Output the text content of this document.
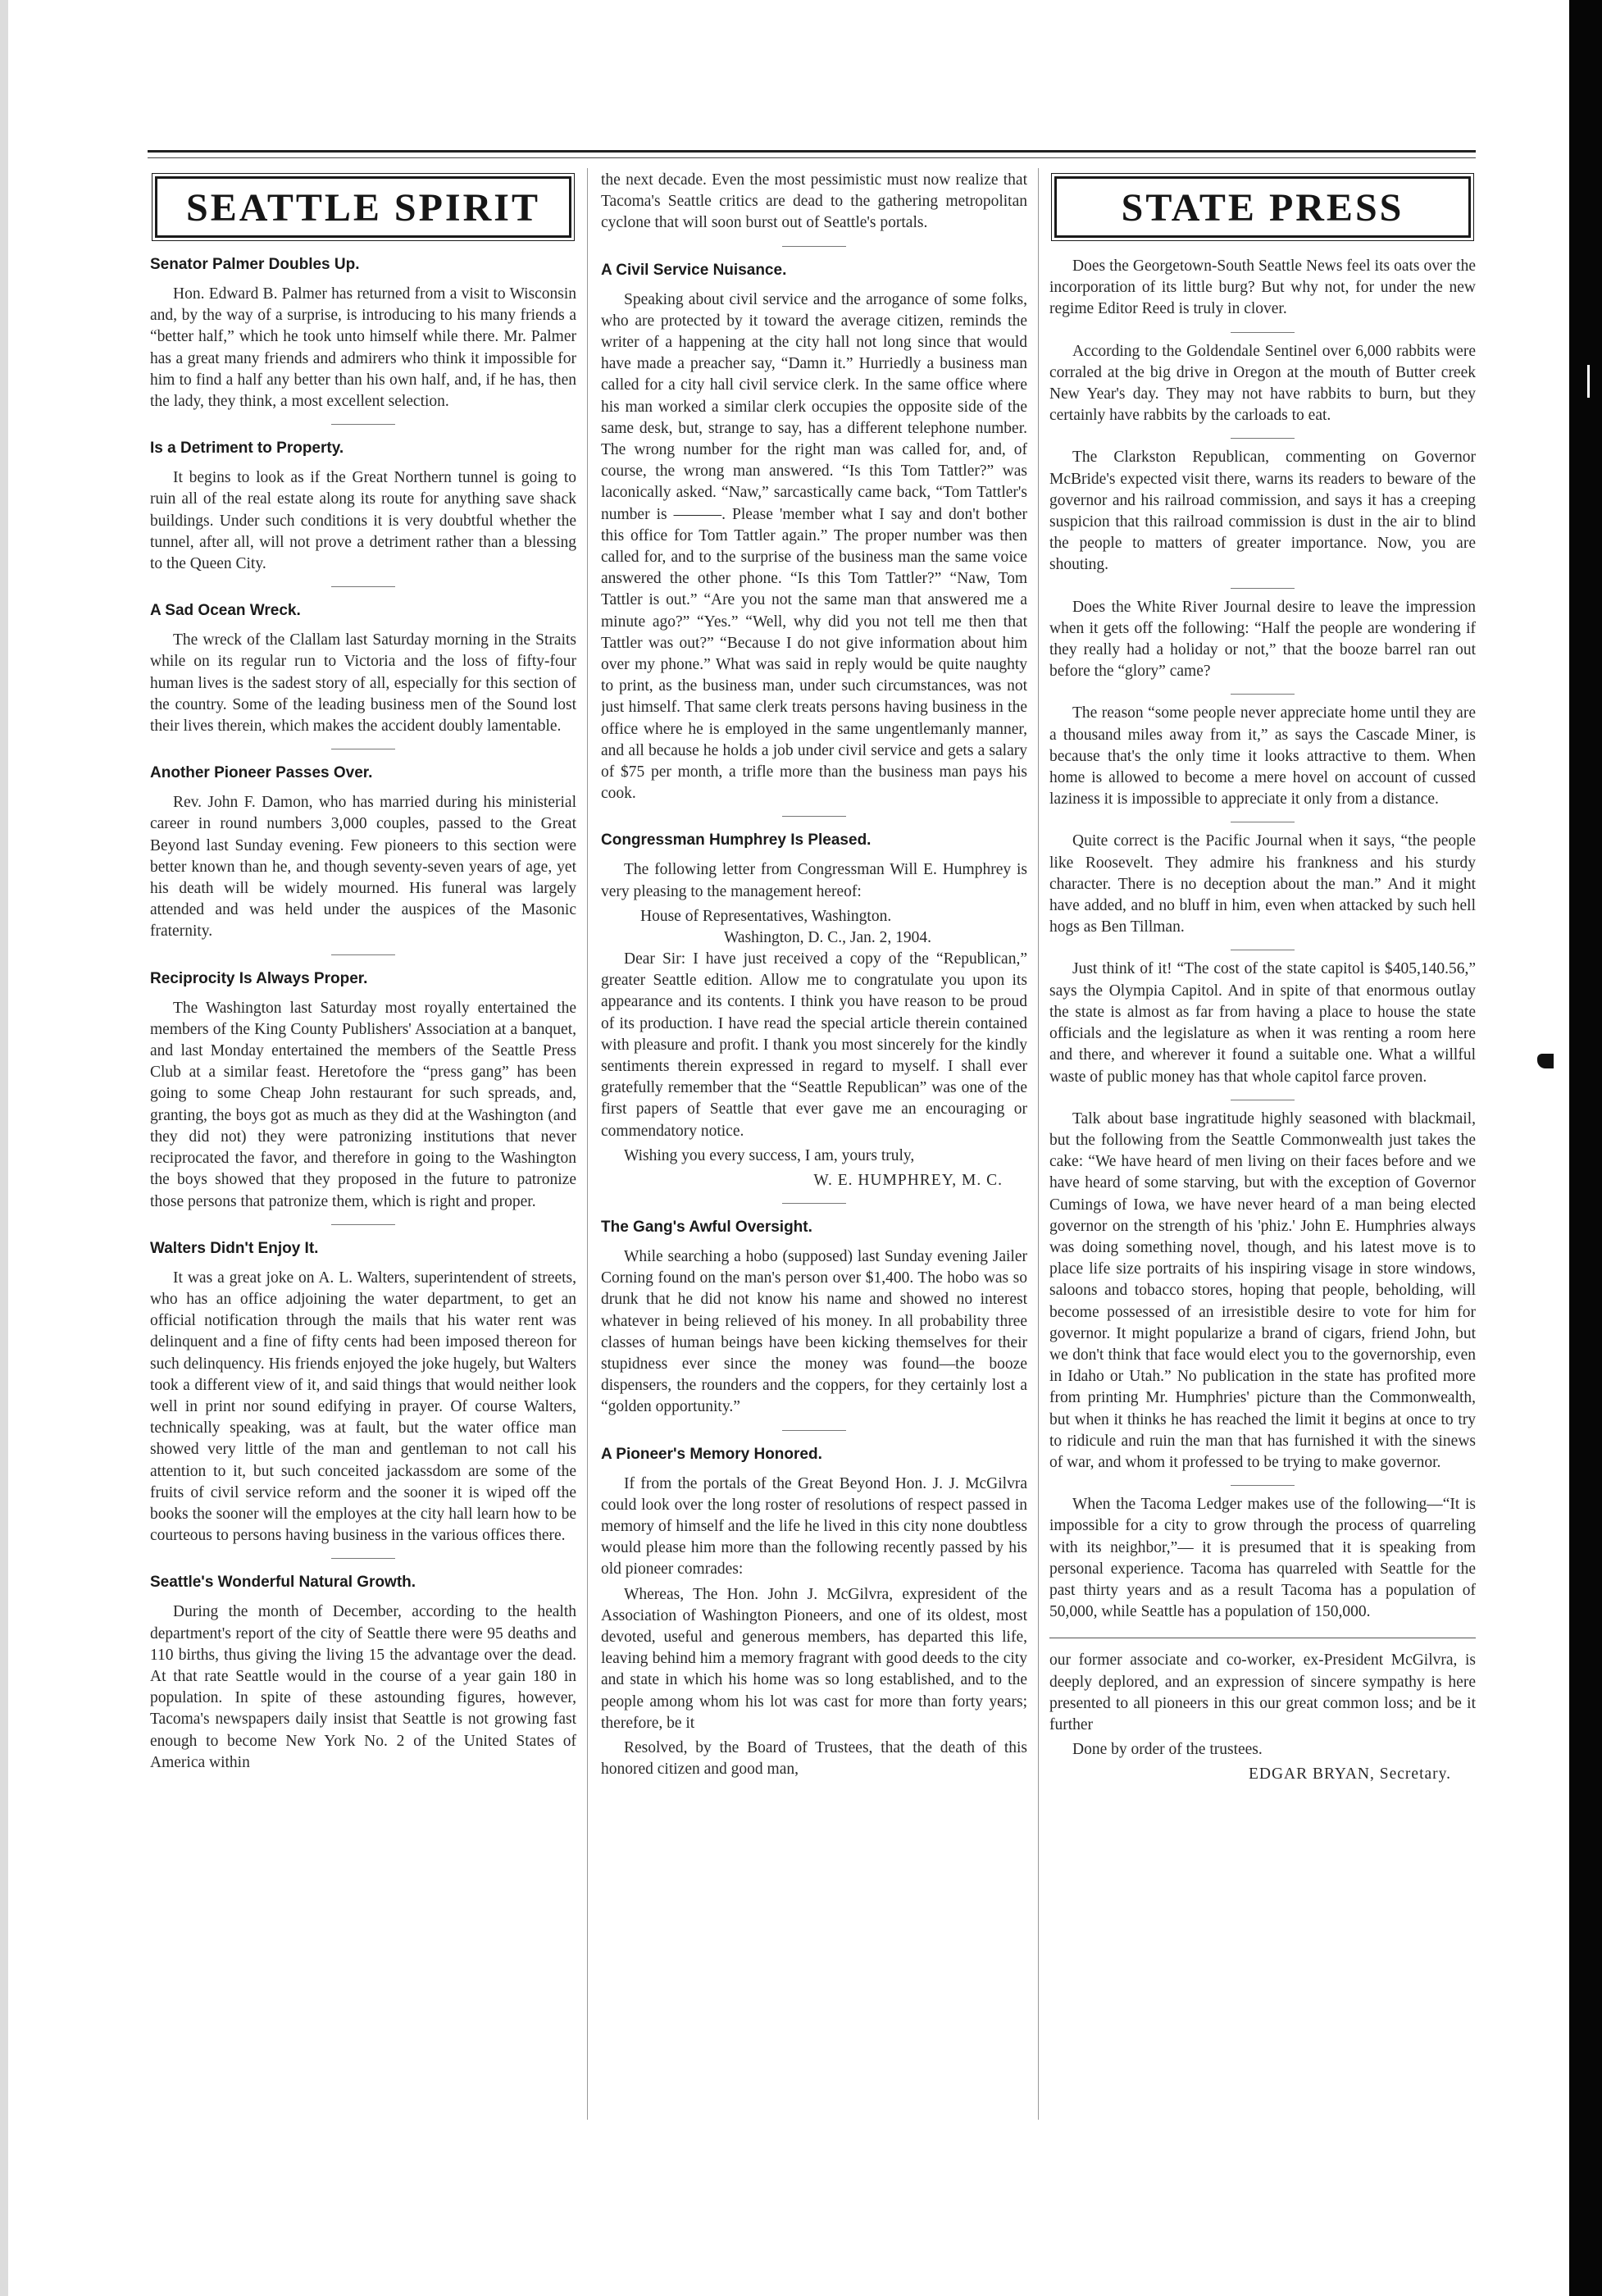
SEATTLE SPIRIT
Senator Palmer Doubles Up.

Hon. Edward B. Palmer has returned from a visit to Wisconsin and, by the way of a surprise, is introducing to his many friends a “better half,” which he took unto himself while there. Mr. Palmer has a great many friends and admirers who think it impossible for him to find a half any better than his own half, and, if he has, then the lady, they think, a most excellent selection.

Is a Detriment to Property.

It begins to look as if the Great Northern tunnel is going to ruin all of the real estate along its route for anything save shack buildings. Under such conditions it is very doubtful whether the tunnel, after all, will not prove a detriment rather than a blessing to the Queen City.

A Sad Ocean Wreck.

The wreck of the Clallam last Saturday morning in the Straits while on its regular run to Victoria and the loss of fifty-four human lives is the sadest story of all, especially for this section of the country. Some of the leading business men of the Sound lost their lives therein, which makes the accident doubly lamentable.

Another Pioneer Passes Over.

Rev. John F. Damon, who has married during his ministerial career in round numbers 3,000 couples, passed to the Great Beyond last Sunday evening. Few pioneers to this section were better known than he, and though seventy-seven years of age, yet his death will be widely mourned. His funeral was largely attended and was held under the auspices of the Masonic fraternity.

Reciprocity Is Always Proper.

The Washington last Saturday most royally entertained the members of the King County Publishers' Association at a banquet, and last Monday entertained the members of the Seattle Press Club at a similar feast. Heretofore the “press gang” has been going to some Cheap John restaurant for such spreads, and, granting, the boys got as much as they did at the Washington (and they did not) they were patronizing institutions that never reciprocated the favor, and therefore in going to the Washington the boys showed that they proposed in the future to patronize those persons that patronize them, which is right and proper.

Walters Didn't Enjoy It.

It was a great joke on A. L. Walters, superintendent of streets, who has an office adjoining the water department, to get an official notification through the mails that his water rent was delinquent and a fine of fifty cents had been imposed thereon for such delinquency. His friends enjoyed the joke hugely, but Walters took a different view of it, and said things that would neither look well in print nor sound edifying in prayer. Of course Walters, technically speaking, was at fault, but the water office man showed very little of the man and gentleman to not call his attention to it, but such conceited jackassdom are some of the fruits of civil service reform and the sooner it is wiped off the books the sooner will the employes at the city hall learn how to be courteous to persons having business in the various offices there.

Seattle's Wonderful Natural Growth.

During the month of December, according to the health department's report of the city of Seattle there were 95 deaths and 110 births, thus giving the living 15 the advantage over the dead. At that rate Seattle would in the course of a year gain 180 in population. In spite of these astounding figures, however, Tacoma's newspapers daily insist that Seattle is not growing fast enough to become New York No. 2 of the United States of America within

the next decade. Even the most pessimistic must now realize that Tacoma's Seattle critics are dead to the gathering metropolitan cyclone that will soon burst out of Seattle's portals.

A Civil Service Nuisance.

Speaking about civil service and the arrogance of some folks, who are protected by it toward the average citizen, reminds the writer of a happening at the city hall not long since that would have made a preacher say, “Damn it.” Hurriedly a business man called for a city hall civil service clerk. In the same office where his man worked a similar clerk occupies the opposite side of the same desk, but, strange to say, has a different telephone number. The wrong number for the right man was called for, and, of course, the wrong man answered. “Is this Tom Tattler?” was laconically asked. “Naw,” sarcastically came back, “Tom Tattler's number is ———. Please 'member what I say and don't bother this office for Tom Tattler again.” The proper number was then called for, and to the surprise of the business man the same voice answered the other phone. “Is this Tom Tattler?” “Naw, Tom Tattler is out.” “Are you not the same man that answered me a minute ago?” “Yes.” “Well, why did you not tell me then that Tattler was out?” “Because I do not give information about him over my phone.” What was said in reply would be quite naughty to print, as the business man, under such circumstances, was not just himself. That same clerk treats persons having business in the office where he is employed in the same ungentlemanly manner, and all because he holds a job under civil service and gets a salary of $75 per month, a trifle more than the business man pays his cook.

Congressman Humphrey Is Pleased.

The following letter from Congressman Will E. Humphrey is very pleasing to the management hereof:

House of Representatives, Washington.

Washington, D. C., Jan. 2, 1904.

Dear Sir: I have just received a copy of the “Republican,” greater Seattle edition. Allow me to congratulate you upon its appearance and its contents. I think you have reason to be proud of its production. I have read the special article therein contained with pleasure and profit. I thank you most sincerely for the kindly sentiments therein expressed in regard to myself. I shall ever gratefully remember that the “Seattle Republican” was one of the first papers of Seattle that ever gave me an encouraging or commendatory notice.

Wishing you every success, I am, yours truly,

W. E. HUMPHREY, M. C.

The Gang's Awful Oversight.

While searching a hobo (supposed) last Sunday evening Jailer Corning found on the man's person over $1,400. The hobo was so drunk that he did not know his name and showed no interest whatever in being relieved of his money. In all probability three classes of human beings have been kicking themselves for their stupidness ever since the money was found—the booze dispensers, the rounders and the coppers, for they certainly lost a “golden opportunity.”

A Pioneer's Memory Honored.

If from the portals of the Great Beyond Hon. J. J. McGilvra could look over the long roster of resolutions of respect passed in memory of himself and the life he lived in this city none doubtless would please him more than the following recently passed by his old pioneer comrades:

Whereas, The Hon. John J. McGilvra, expresident of the Association of Washington Pioneers, and one of its oldest, most devoted, useful and generous members, has departed this life, leaving behind him a memory fragrant with good deeds to the city and state in which his home was so long established, and to the people among whom his lot was cast for more than forty years; therefore, be it

Resolved, by the Board of Trustees, that the death of this honored citizen and good man,

STATE PRESS

Does the Georgetown-South Seattle News feel its oats over the incorporation of its little burg? But why not, for under the new regime Editor Reed is truly in clover.

According to the Goldendale Sentinel over 6,000 rabbits were corraled at the big drive in Oregon at the mouth of Butter creek New Year's day. They may not have rabbits to burn, but they certainly have rabbits by the carloads to eat.

The Clarkston Republican, commenting on Governor McBride's expected visit there, warns its readers to beware of the governor and his railroad commission, and says it has a creeping suspicion that this railroad commission is dust in the air to blind the people to matters of greater importance. Now, you are shouting.

Does the White River Journal desire to leave the impression when it gets off the following: “Half the people are wondering if they really had a holiday or not,” that the booze barrel ran out before the “glory” came?

The reason “some people never appreciate home until they are a thousand miles away from it,” as says the Cascade Miner, is because that's the only time it looks attractive to them. When home is allowed to become a mere hovel on account of cussed laziness it is impossible to appreciate it only from a distance.

Quite correct is the Pacific Journal when it says, “the people like Roosevelt. They admire his frankness and his sturdy character. There is no deception about the man.” And it might have added, and no bluff in him, even when attacked by such hell hogs as Ben Tillman.

Just think of it! “The cost of the state capitol is $405,140.56,” says the Olympia Capitol. And in spite of that enormous outlay the state is almost as far from having a place to house the state officials and the legislature as when it was renting a room here and there, and wherever it found a suitable one. What a willful waste of public money has that whole capitol farce proven.

Talk about base ingratitude highly seasoned with blackmail, but the following from the Seattle Commonwealth just takes the cake: “We have heard of men living on their faces before and we have heard of some starving, but with the exception of Governor Cumings of Iowa, we have never heard of a man being elected governor on the strength of his 'phiz.' John E. Humphries always was doing something novel, though, and his latest move is to place life size portraits of his inspiring visage in store windows, saloons and tobacco stores, hoping that people, beholding, will become possessed of an irresistible desire to vote for him for governor. It might popularize a brand of cigars, friend John, but we don't think that face would elect you to the governorship, even in Idaho or Utah.” No publication in the state has profited more from printing Mr. Humphries' picture than the Commonwealth, but when it thinks he has reached the limit it begins at once to try to ridicule and ruin the man that has furnished it with the sinews of war, and whom it professed to be trying to make governor.

When the Tacoma Ledger makes use of the following—“It is impossible for a city to grow through the process of quarreling with its neighbor,”— it is presumed that it is speaking from personal experience. Tacoma has quarreled with Seattle for the past thirty years and as a result Tacoma has a population of 50,000, while Seattle has a population of 150,000.

our former associate and co-worker, ex-President McGilvra, is deeply deplored, and an expression of sincere sympathy is here presented to all pioneers in this our great common loss; and be it further

Done by order of the trustees.

EDGAR BRYAN, Secretary.
